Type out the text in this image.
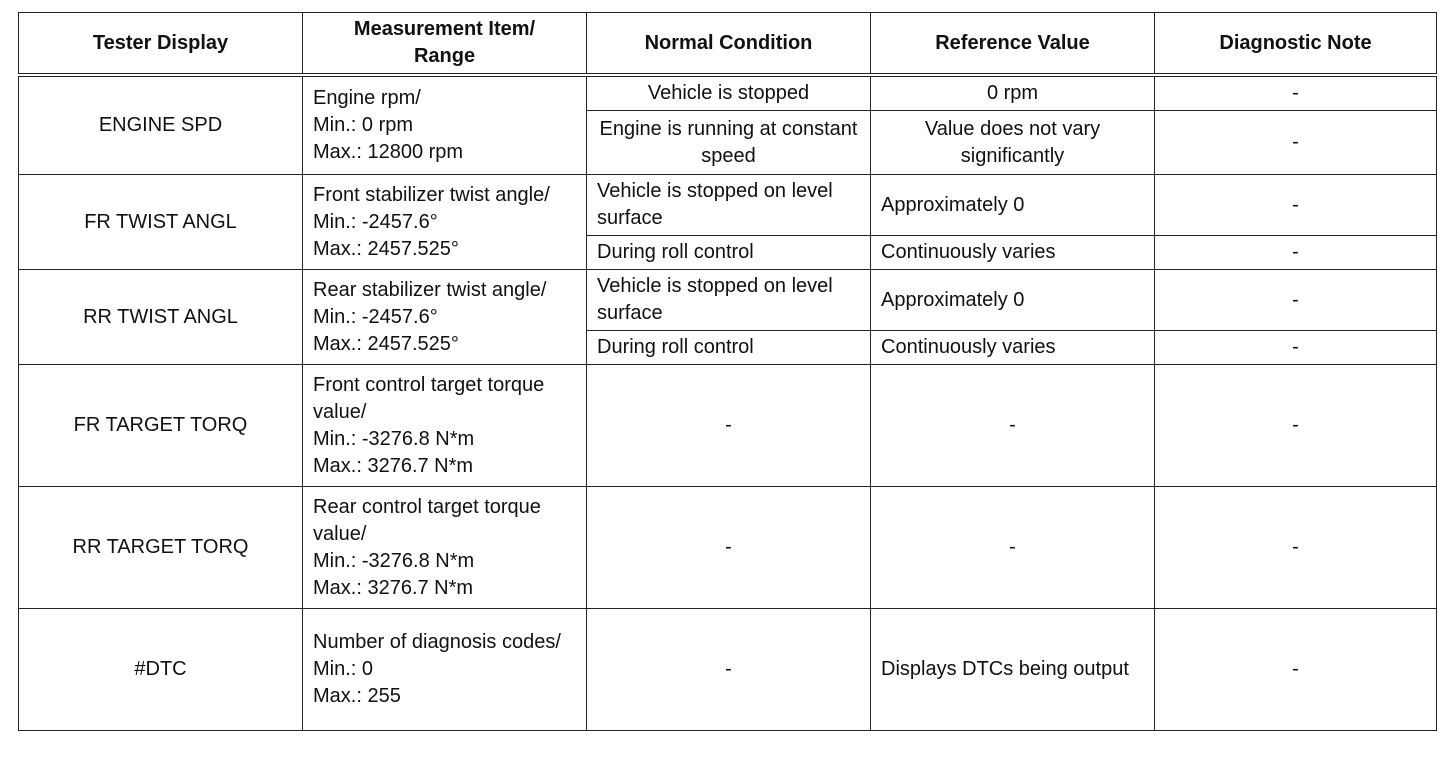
Tester Display	Measurement Item/
Range	Normal Condition	Reference Value	Diagnostic Note
ENGINE SPD	Engine rpm/
Min.: 0 rpm
Max.: 12800 rpm	Vehicle is stopped	0 rpm	-
		Engine is running at constant speed	Value does not vary significantly	-
FR TWIST ANGL	Front stabilizer twist angle/
Min.: -2457.6°
Max.: 2457.525°	Vehicle is stopped on level surface	Approximately 0	-
		During roll control	Continuously varies	-
RR TWIST ANGL	Rear stabilizer twist angle/
Min.: -2457.6°
Max.: 2457.525°	Vehicle is stopped on level surface	Approximately 0	-
		During roll control	Continuously varies	-
FR TARGET TORQ	Front control target torque value/
Min.: -3276.8 N*m
Max.: 3276.7 N*m	-	-	-
RR TARGET TORQ	Rear control target torque value/
Min.: -3276.8 N*m
Max.: 3276.7 N*m	-	-	-
#DTC	Number of diagnosis codes/
Min.: 0
Max.: 255	-	Displays DTCs being output	-
